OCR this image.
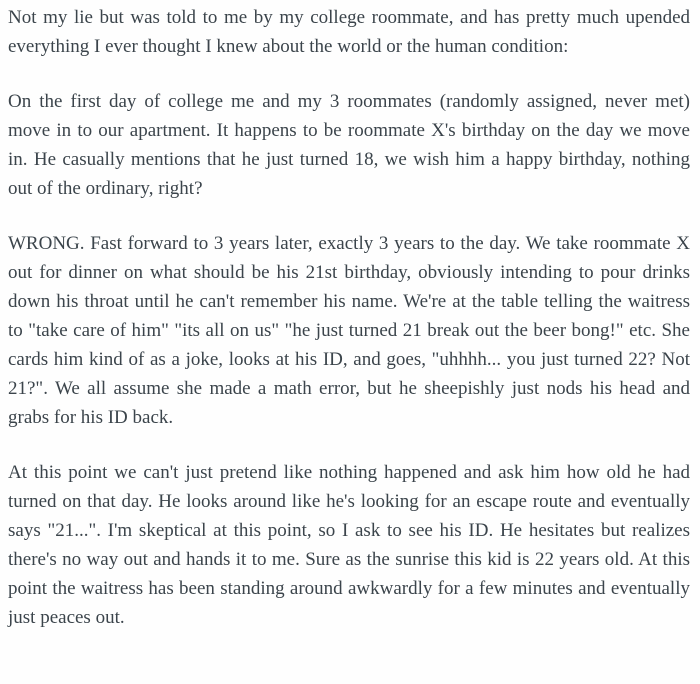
Not my lie but was told to me by my college roommate, and has pretty much upended everything I ever thought I knew about the world or the human condition:

On the first day of college me and my 3 roommates (randomly assigned, never met) move in to our apartment. It happens to be roommate X's birthday on the day we move in. He casually mentions that he just turned 18, we wish him a happy birthday, nothing out of the ordinary, right?

WRONG. Fast forward to 3 years later, exactly 3 years to the day. We take roommate X out for dinner on what should be his 21st birthday, obviously intending to pour drinks down his throat until he can't remember his name. We're at the table telling the waitress to "take care of him" "its all on us" "he just turned 21 break out the beer bong!" etc. She cards him kind of as a joke, looks at his ID, and goes, "uhhhh... you just turned 22? Not 21?". We all assume she made a math error, but he sheepishly just nods his head and grabs for his ID back.

At this point we can't just pretend like nothing happened and ask him how old he had turned on that day. He looks around like he's looking for an escape route and eventually says "21...". I'm skeptical at this point, so I ask to see his ID. He hesitates but realizes there's no way out and hands it to me. Sure as the sunrise this kid is 22 years old. At this point the waitress has been standing around awkwardly for a few minutes and eventually just peaces out.
